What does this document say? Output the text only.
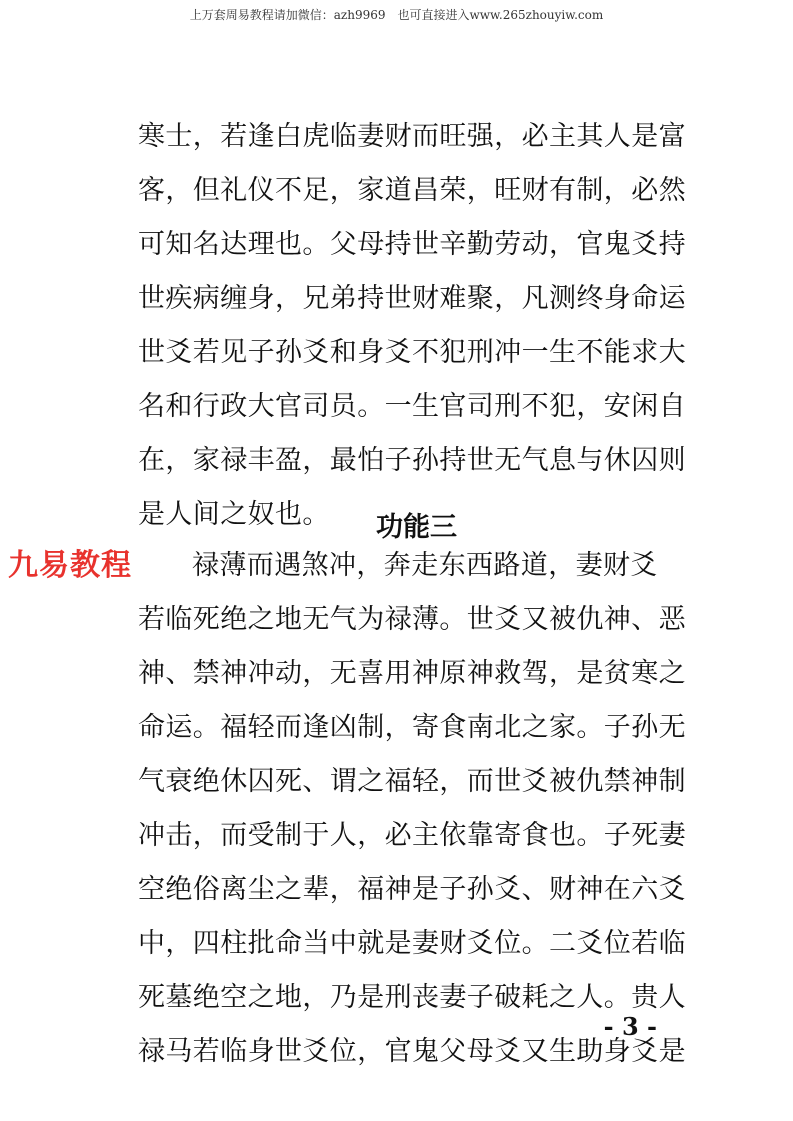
上万套周易教程请加微信：azh9969　也可直接进入www.265zhouyiw.com
寒士，若逢白虎临妻财而旺强，必主其人是富
客，但礼仪不足，家道昌荣，旺财有制，必然
可知名达理也。父母持世辛勤劳动，官鬼爻持
世疾病缠身，兄弟持世财难聚，凡测终身命运
世爻若见子孙爻和身爻不犯刑冲一生不能求大
名和行政大官司员。一生官司刑不犯，安闲自
在，家禄丰盈，最怕子孙持世无气息与休囚则
是人间之奴也。	功能三
九易教程	禄薄而遇煞冲，奔走东西路道，妻财爻
若临死绝之地无气为禄薄。世爻又被仇神、恶
神、禁神冲动，无喜用神原神救驾，是贫寒之
命运。福轻而逢凶制，寄食南北之家。子孙无
气衰绝休囚死、谓之福轻，而世爻被仇禁神制
冲击，而受制于人，必主依靠寄食也。子死妻
空绝俗离尘之辈，福神是子孙爻、财神在六爻
中，四柱批命当中就是妻财爻位。二爻位若临
死墓绝空之地，乃是刑丧妻子破耗之人。贵人
禄马若临身世爻位，官鬼父母爻又生助身爻是
- 3 -
